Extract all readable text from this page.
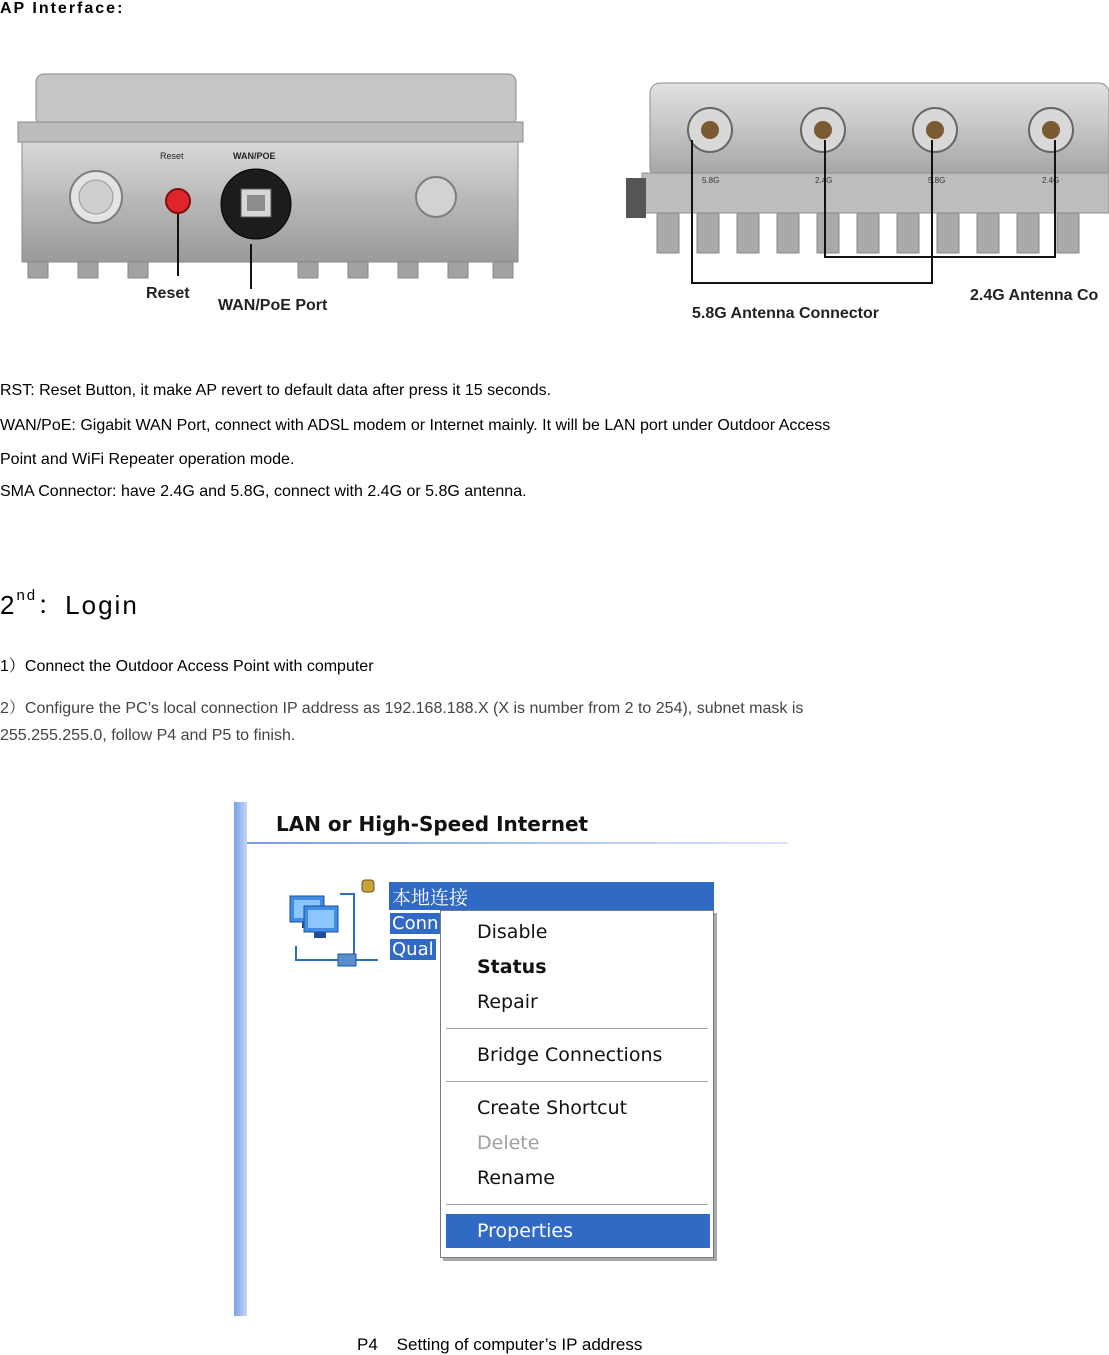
AP Interface:
Reset	WAN/POE
Reset
WAN/PoE Port
5.8G	2.4G	5.8G	2.4G
5.8G Antenna Connector
2.4G Antenna Co
RST: Reset Button, it make AP revert to default data after press it 15 seconds.
WAN/PoE: Gigabit WAN Port, connect with ADSL modem or Internet mainly. It will be LAN port under Outdoor Access
Point and WiFi Repeater operation mode.
SMA Connector: have 2.4G and 5.8G, connect with 2.4G or 5.8G antenna.
2nd：Login
1）Connect the Outdoor Access Point with computer
2）Configure the PC’s local connection IP address as 192.168.188.X (X is number from 2 to 254), subnet mask is
255.255.255.0, follow P4 and P5 to finish.
LAN or High-Speed Internet
本地连接
Conn
Qual
Disable
Status
Repair
Bridge Connections
Create Shortcut
Delete
Rename
Properties
P4    Setting of computer’s IP address
